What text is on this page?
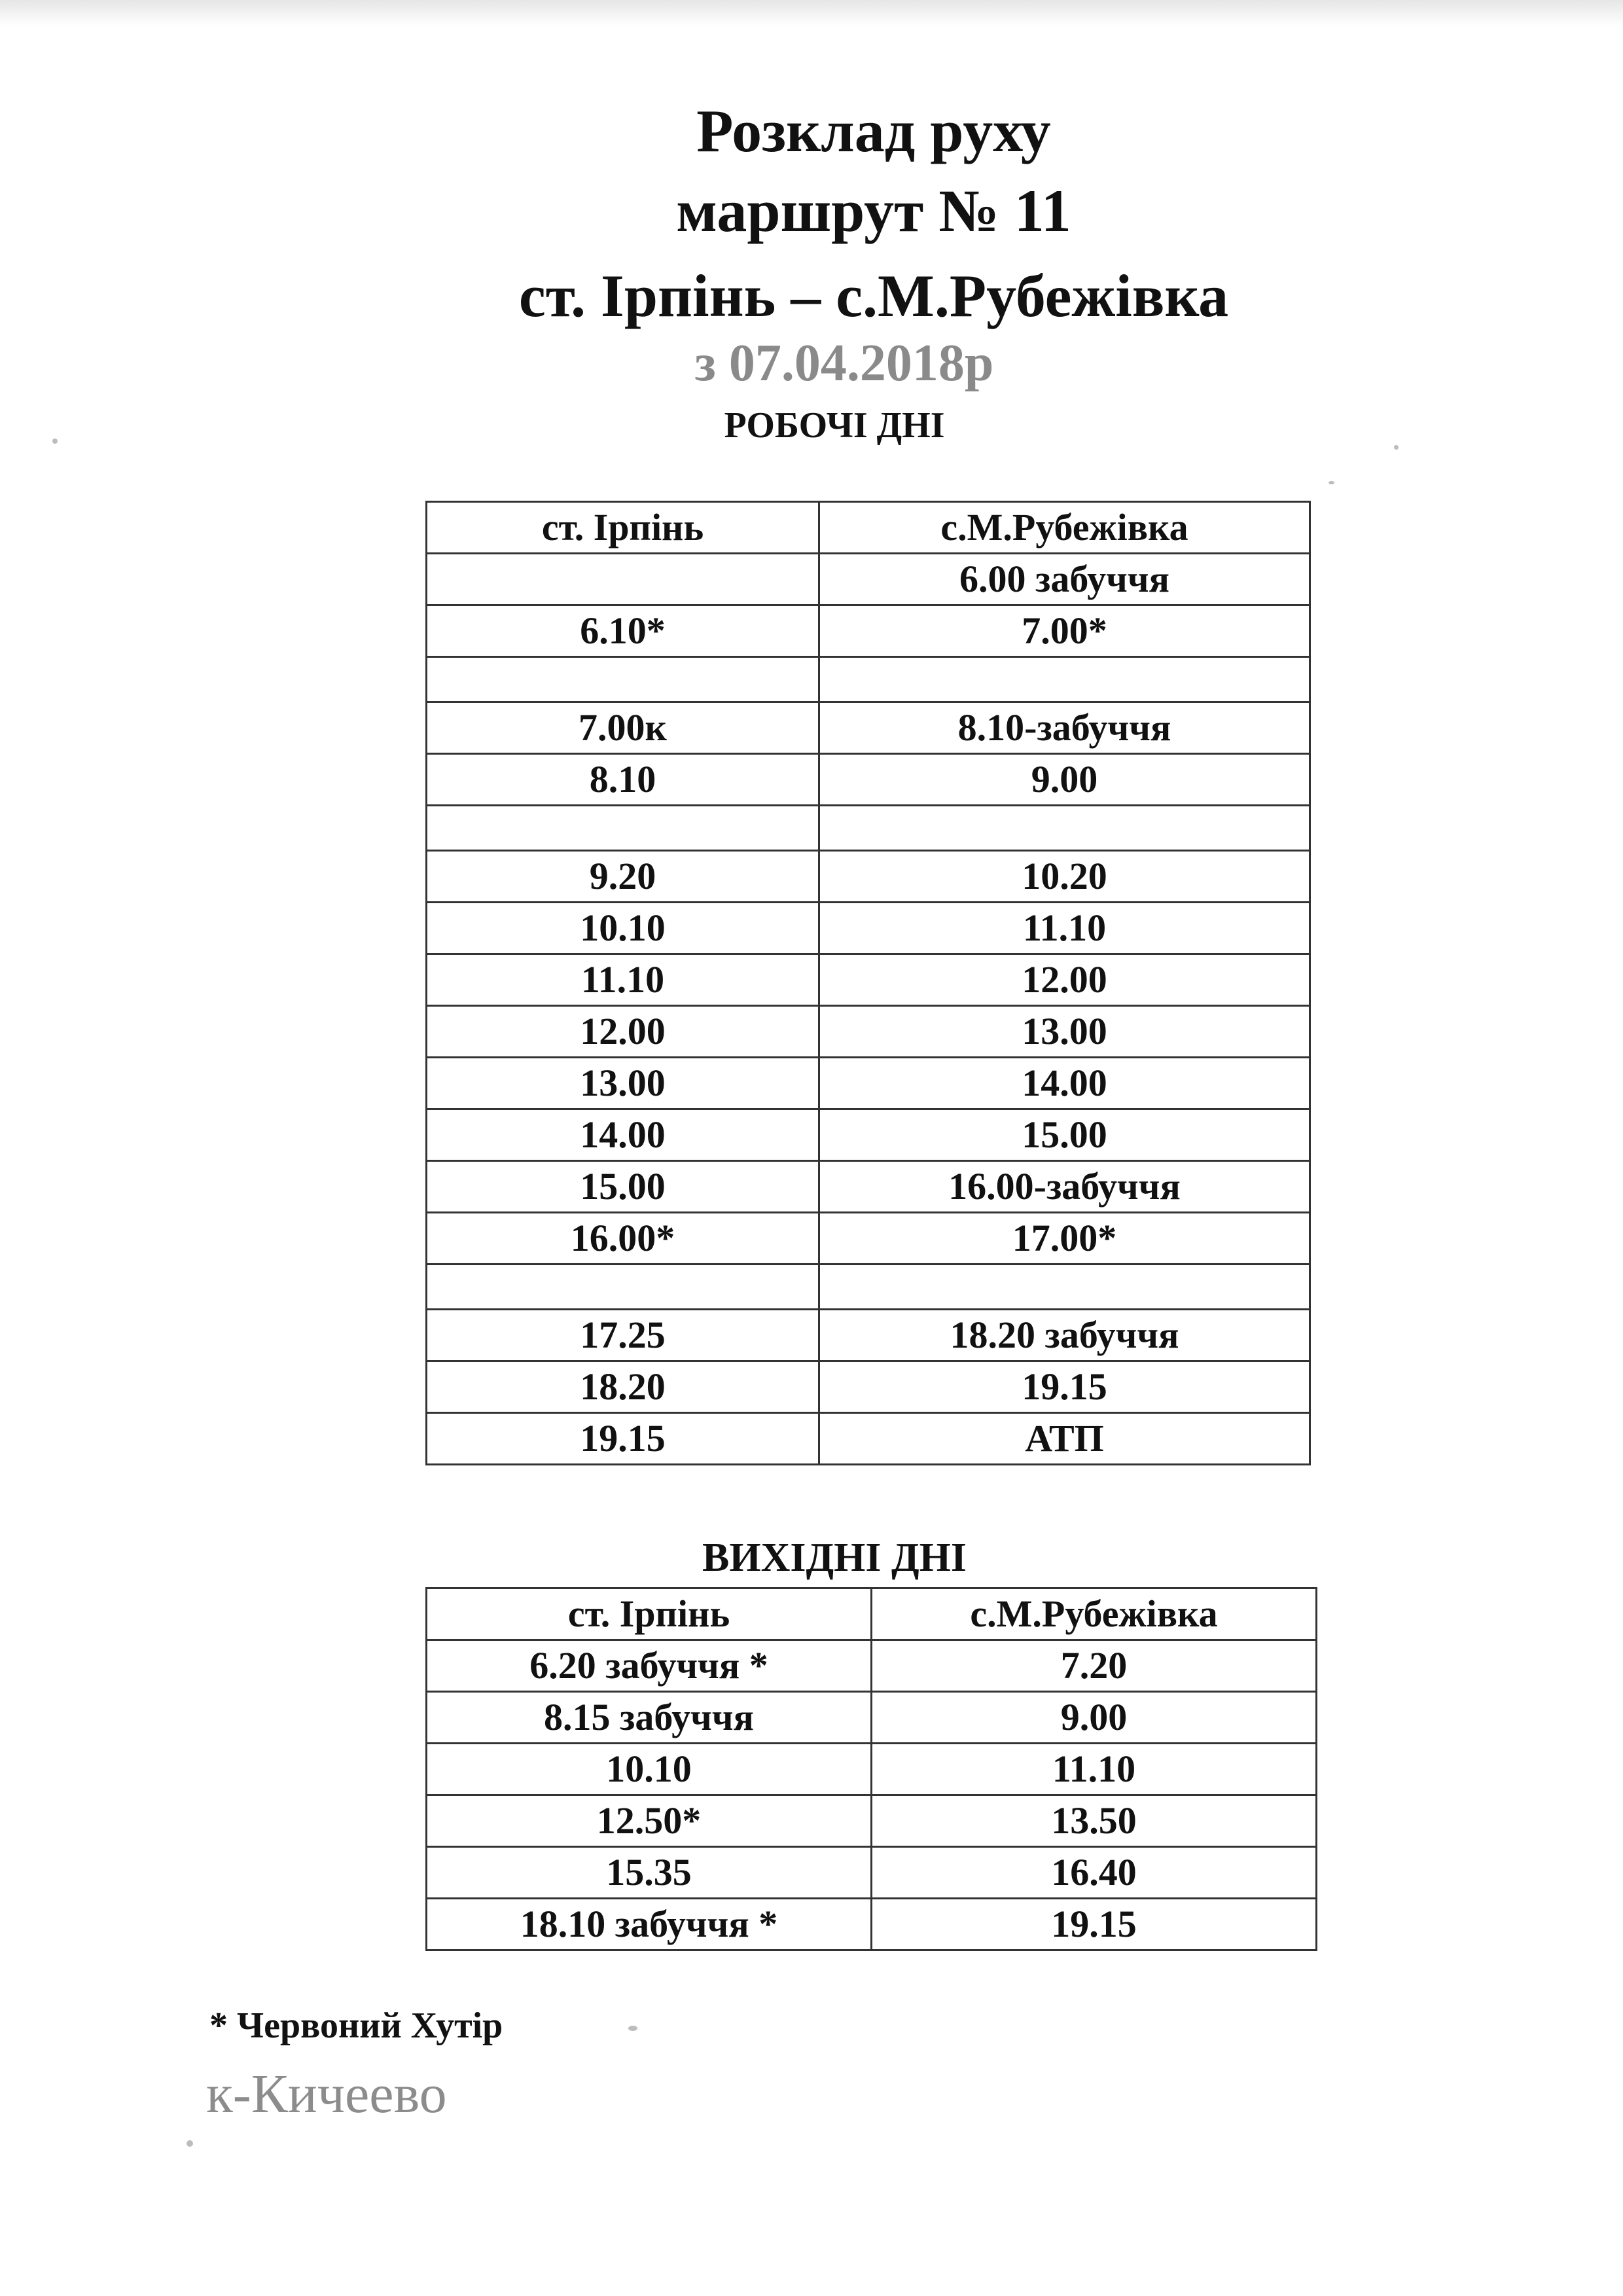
Розклад руху
маршрут № 11
ст. Ірпінь – с.М.Рубежівка
з 07.04.2018р
РОБОЧІ ДНІ
ст. Ірпінь	с.М.Рубежівка
	6.00 забуччя
6.10*	7.00*

7.00к	8.10-забуччя
8.10	9.00

9.20	10.20
10.10	11.10
11.10	12.00
12.00	13.00
13.00	14.00
14.00	15.00
15.00	16.00-забуччя
16.00*	17.00*

17.25	18.20 забуччя
18.20	19.15
19.15	АТП
ВИХІДНІ ДНІ
ст. Ірпінь	с.М.Рубежівка
6.20 забуччя *	7.20
8.15 забуччя	9.00
10.10	11.10
12.50*	13.50
15.35	16.40
18.10 забуччя *	19.15
* Червоний Хутір
к-Кичеево
